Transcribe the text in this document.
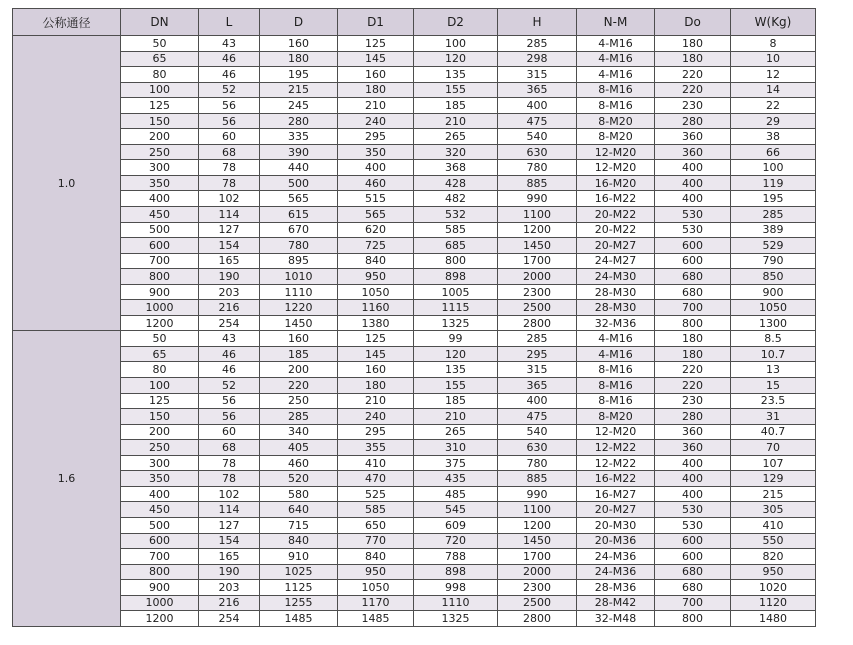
公称通径	DN	L	D	D1	D2	H	N-M	Do	W(Kg)
1.0	50	43	160	125	100	285	4-M16	180	8
	65	46	180	145	120	298	4-M16	180	10
	80	46	195	160	135	315	4-M16	220	12
	100	52	215	180	155	365	8-M16	220	14
	125	56	245	210	185	400	8-M16	230	22
	150	56	280	240	210	475	8-M20	280	29
	200	60	335	295	265	540	8-M20	360	38
	250	68	390	350	320	630	12-M20	360	66
	300	78	440	400	368	780	12-M20	400	100
	350	78	500	460	428	885	16-M20	400	119
	400	102	565	515	482	990	16-M22	400	195
	450	114	615	565	532	1100	20-M22	530	285
	500	127	670	620	585	1200	20-M22	530	389
	600	154	780	725	685	1450	20-M27	600	529
	700	165	895	840	800	1700	24-M27	600	790
	800	190	1010	950	898	2000	24-M30	680	850
	900	203	1110	1050	1005	2300	28-M30	680	900
	1000	216	1220	1160	1115	2500	28-M30	700	1050
	1200	254	1450	1380	1325	2800	32-M36	800	1300
1.6	50	43	160	125	99	285	4-M16	180	8.5
	65	46	185	145	120	295	4-M16	180	10.7
	80	46	200	160	135	315	8-M16	220	13
	100	52	220	180	155	365	8-M16	220	15
	125	56	250	210	185	400	8-M16	230	23.5
	150	56	285	240	210	475	8-M20	280	31
	200	60	340	295	265	540	12-M20	360	40.7
	250	68	405	355	310	630	12-M22	360	70
	300	78	460	410	375	780	12-M22	400	107
	350	78	520	470	435	885	16-M22	400	129
	400	102	580	525	485	990	16-M27	400	215
	450	114	640	585	545	1100	20-M27	530	305
	500	127	715	650	609	1200	20-M30	530	410
	600	154	840	770	720	1450	20-M36	600	550
	700	165	910	840	788	1700	24-M36	600	820
	800	190	1025	950	898	2000	24-M36	680	950
	900	203	1125	1050	998	2300	28-M36	680	1020
	1000	216	1255	1170	1110	2500	28-M42	700	1120
	1200	254	1485	1485	1325	2800	32-M48	800	1480
